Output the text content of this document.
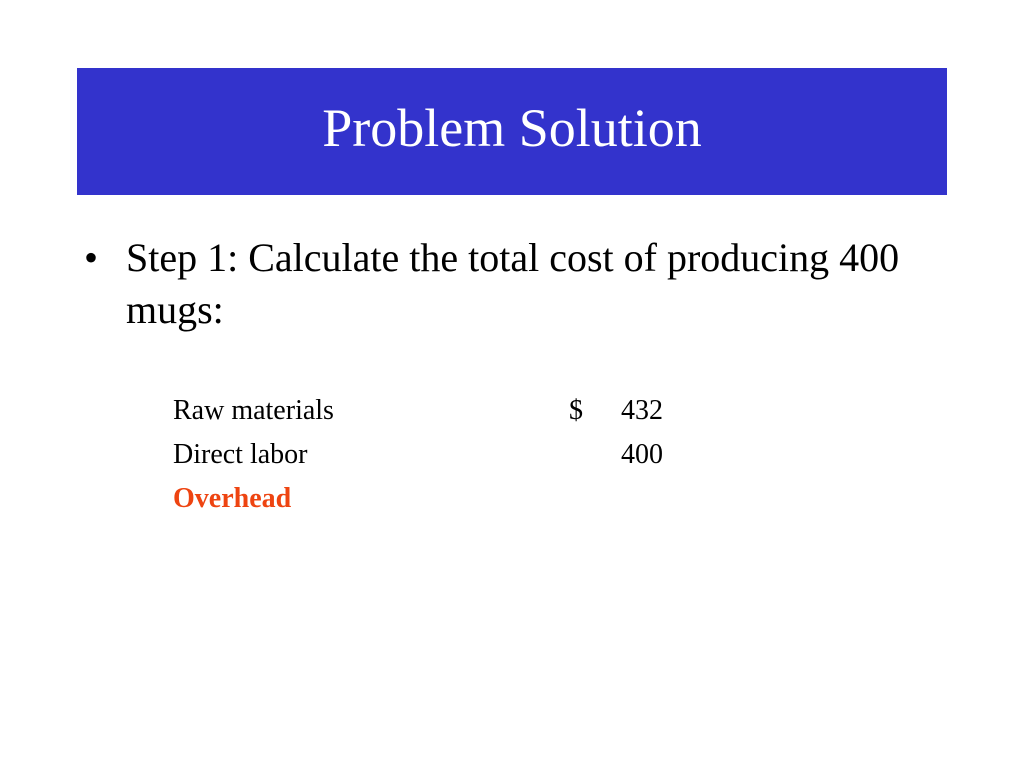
Problem Solution
• Step 1: Calculate the total cost of producing 400 mugs:
Raw materials	$ 432
Direct labor	400
Overhead
